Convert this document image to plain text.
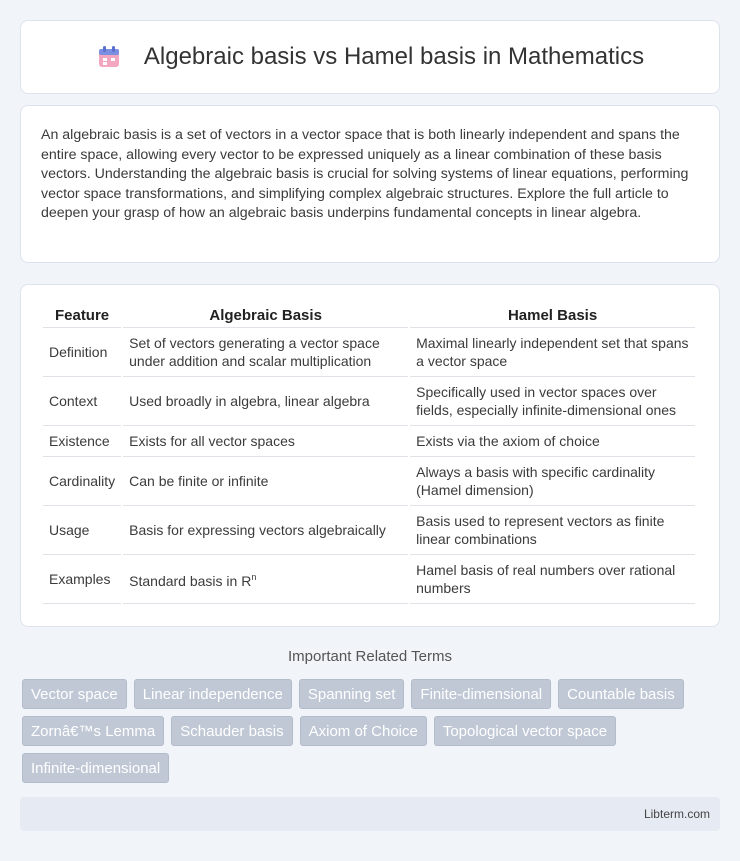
Algebraic basis vs Hamel basis in Mathematics

An algebraic basis is a set of vectors in a vector space that is both linearly independent and spans the entire space, allowing every vector to be expressed uniquely as a linear combination of these basis vectors. Understanding the algebraic basis is crucial for solving systems of linear equations, performing vector space transformations, and simplifying complex algebraic structures. Explore the full article to deepen your grasp of how an algebraic basis underpins fundamental concepts in linear algebra.

Feature	Algebraic Basis	Hamel Basis
Definition	Set of vectors generating a vector space under addition and scalar multiplication	Maximal linearly independent set that spans a vector space
Context	Used broadly in algebra, linear algebra	Specifically used in vector spaces over fields, especially infinite-dimensional ones
Existence	Exists for all vector spaces	Exists via the axiom of choice
Cardinality	Can be finite or infinite	Always a basis with specific cardinality (Hamel dimension)
Usage	Basis for expressing vectors algebraically	Basis used to represent vectors as finite linear combinations
Examples	Standard basis in $R^n$	Hamel basis of real numbers over rational numbers
Important Related Terms
Vector space	Linear independence	Spanning set	Finite-dimensional	Countable basis
Zornâ€™s Lemma	Schauder basis	Axiom of Choice	Topological vector space
Infinite-dimensional
Libterm.com
